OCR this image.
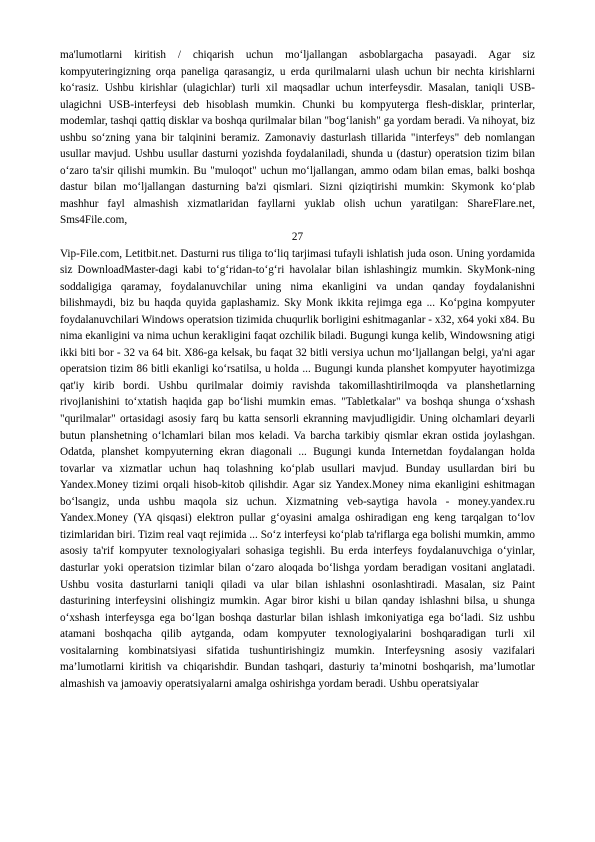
ma'lumotlarni kiritish / chiqarish uchun mo‘ljallangan asboblargacha pasayadi. Agar siz kompyuteringizning orqa paneliga qarasangiz, u erda qurilmalarni ulash uchun bir nechta kirishlarni ko‘rasiz. Ushbu kirishlar (ulagichlar) turli xil maqsadlar uchun interfeysdir. Masalan, taniqli USB-ulagichni USB-interfeysi deb hisoblash mumkin. Chunki bu kompyuterga flesh-disklar, printerlar, modemlar, tashqi qattiq disklar va boshqa qurilmalar bilan "bog‘lanish" ga yordam beradi. Va nihoyat, biz ushbu so‘zning yana bir talqinini beramiz. Zamonaviy dasturlash tillarida "interfeys" deb nomlangan usullar mavjud. Ushbu usullar dasturni yozishda foydalaniladi, shunda u (dastur) operatsion tizim bilan o‘zaro ta'sir qilishi mumkin. Bu "muloqot" uchun mo‘ljallangan, ammo odam bilan emas, balki boshqa dastur bilan mo‘ljallangan dasturning ba'zi qismlari. Sizni qiziqtirishi mumkin: Skymonk ko‘plab mashhur fayl almashish xizmatlaridan fayllarni yuklab olish uchun yaratilgan: ShareFlare.net, Sms4File.com,

27

Vip-File.com, Letitbit.net. Dasturni rus tiliga to‘liq tarjimasi tufayli ishlatish juda oson. Uning yordamida siz DownloadMaster-dagi kabi to‘g‘ridan-to‘g‘ri havolalar bilan ishlashingiz mumkin. SkyMonk-ning soddaligiga qaramay, foydalanuvchilar uning nima ekanligini va undan qanday foydalanishni bilishmaydi, biz bu haqda quyida gaplashamiz. Sky Monk ikkita rejimga ega ... Ko‘pgina kompyuter foydalanuvchilari Windows operatsion tizimida chuqurlik borligini eshitmaganlar - x32, x64 yoki x84. Bu nima ekanligini va nima uchun kerakligini faqat ozchilik biladi. Bugungi kunga kelib, Windowsning atigi ikki biti bor - 32 va 64 bit. X86-ga kelsak, bu faqat 32 bitli versiya uchun mo‘ljallangan belgi, ya'ni agar operatsion tizim 86 bitli ekanligi ko‘rsatilsa, u holda ... Bugungi kunda planshet kompyuter hayotimizga qat'iy kirib bordi. Ushbu qurilmalar doimiy ravishda takomillashtirilmoqda va planshetlarning rivojlanishini to‘xtatish haqida gap bo‘lishi mumkin emas. "Tabletkalar" va boshqa shunga o‘xshash "qurilmalar" ortasidagi asosiy farq bu katta sensorli ekranning mavjudligidir. Uning olchamlari deyarli butun planshetning o‘lchamlari bilan mos keladi. Va barcha tarkibiy qismlar ekran ostida joylashgan. Odatda, planshet kompyuterning ekran diagonali ... Bugungi kunda Internetdan foydalangan holda tovarlar va xizmatlar uchun haq tolashning ko‘plab usullari mavjud. Bunday usullardan biri bu Yandex.Money tizimi orqali hisob-kitob qilishdir. Agar siz Yandex.Money nima ekanligini eshitmagan bo‘lsangiz, unda ushbu maqola siz uchun. Xizmatning veb-saytiga havola - money.yandex.ru Yandex.Money (YA qisqasi) elektron pullar g‘oyasini amalga oshiradigan eng keng tarqalgan to‘lov tizimlaridan biri. Tizim real vaqt rejimida ... So‘z interfeysi ko‘plab ta'riflarga ega bolishi mumkin, ammo asosiy ta'rif kompyuter texnologiyalari sohasiga tegishli. Bu erda interfeys foydalanuvchiga o‘yinlar, dasturlar yoki operatsion tizimlar bilan o‘zaro aloqada bo‘lishga yordam beradigan vositani anglatadi. Ushbu vosita dasturlarni taniqli qiladi va ular bilan ishlashni osonlashtiradi. Masalan, siz Paint dasturining interfeysini olishingiz mumkin. Agar biror kishi u bilan qanday ishlashni bilsa, u shunga o‘xshash interfeysga ega bo‘lgan boshqa dasturlar bilan ishlash imkoniyatiga ega bo‘ladi. Siz ushbu atamani boshqacha qilib aytganda, odam kompyuter texnologiyalarini boshqaradigan turli xil vositalarning kombinatsiyasi sifatida tushuntirishingiz mumkin. Interfeysning asosiy vazifalari ma’lumotlarni kiritish va chiqarishdir. Bundan tashqari, dasturiy ta’minotni boshqarish, ma’lumotlar almashish va jamoaviy operatsiyalarni amalga oshirishga yordam beradi. Ushbu operatsiyalar
